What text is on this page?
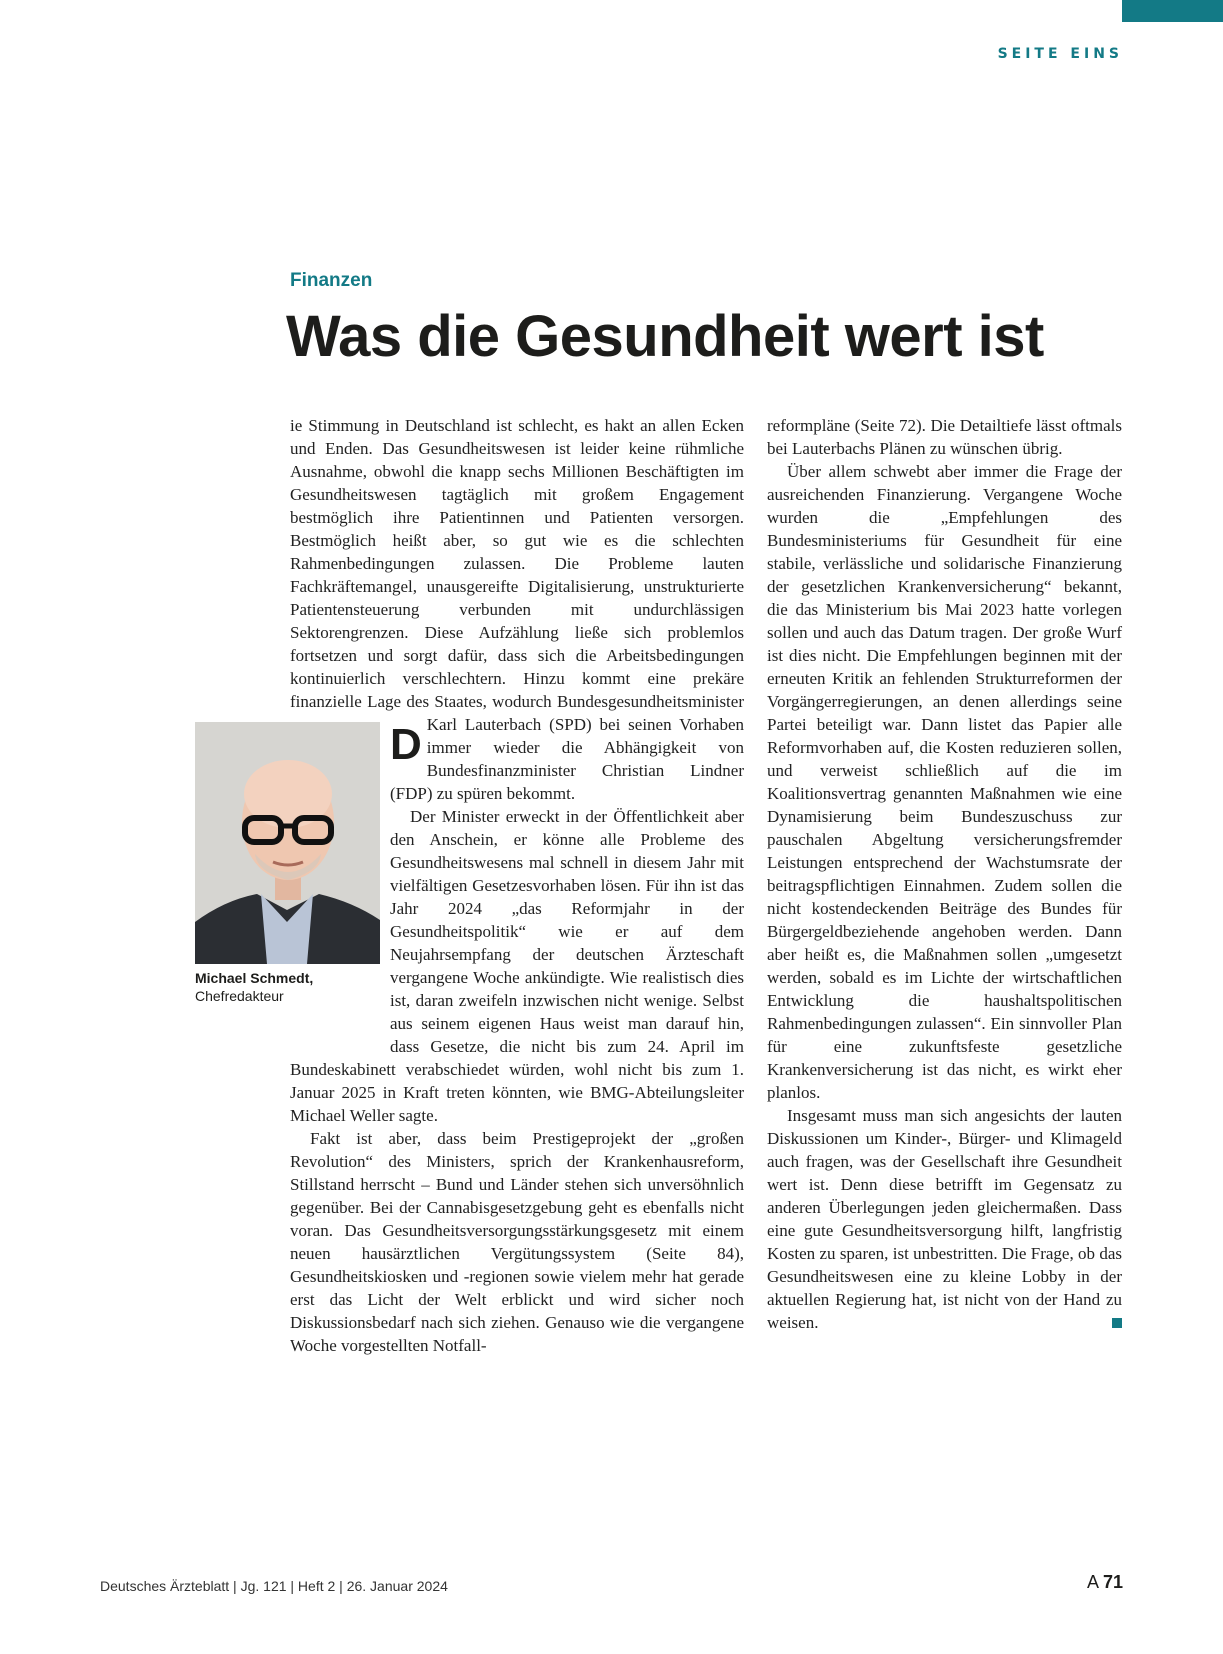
SEITE EINS
Finanzen
Was die Gesundheit wert ist

D
ie Stimmung in Deutschland ist schlecht, es hakt an allen Ecken und Enden. Das Gesundheitswesen ist leider keine rühmliche Ausnahme, obwohl die knapp sechs Millionen Beschäftigten im Gesundheitswesen tagtäglich mit großem Engagement bestmöglich ihre Patientinnen und Patienten versorgen. Bestmöglich heißt aber, so gut wie es die schlechten Rahmenbedingungen zulassen. Die Probleme lauten Fachkräftemangel, unausgereifte Digitalisierung, unstrukturierte Patientensteuerung verbunden mit undurchlässigen Sektorengrenzen. Diese Aufzählung ließe sich problemlos fortsetzen und sorgt dafür, dass sich die Arbeitsbedingungen kontinuierlich verschlechtern. Hinzu kommt eine prekäre finanzielle Lage des Staates, wodurch Bundesgesundheitsminister Karl Lauterbach (SPD) bei seinen Vorhaben immer wieder die Abhängigkeit von Bundesfinanzminister Christian Lindner (FDP) zu spüren bekommt.

Der Minister erweckt in der Öffentlichkeit aber den Anschein, er könne alle Probleme des Gesundheitswesens mal schnell in diesem Jahr mit vielfältigen Gesetzesvorhaben lösen. Für ihn ist das Jahr 2024 „das Reformjahr in der Gesundheitspolitik“ wie er auf dem Neujahrsempfang der deutschen Ärzteschaft vergangene Woche ankündigte. Wie realistisch dies ist, daran zweifeln inzwischen nicht wenige. Selbst aus seinem eigenen Haus weist man darauf hin, dass Gesetze, die nicht bis zum 24. April im Bundeskabinett verabschiedet würden, wohl nicht bis zum 1. Januar 2025 in Kraft treten könnten, wie BMG-Abteilungsleiter Michael Weller sagte.

Fakt ist aber, dass beim Prestigeprojekt der „großen Revolution“ des Ministers, sprich der Krankenhausreform, Stillstand herrscht – Bund und Länder stehen sich unversöhnlich gegenüber. Bei der Cannabisgesetzgebung geht es ebenfalls nicht voran. Das Gesundheitsversorgungsstärkungsgesetz mit einem neuen hausärztlichen Vergütungssystem (Seite 84), Gesundheitskiosken und -regionen sowie vielem mehr hat gerade erst das Licht der Welt erblickt und wird sicher noch Diskussionsbedarf nach sich ziehen. Genauso wie die vergangene Woche vorgestellten Notfall-

Michael Schmedt,
Chefredakteur

reformpläne (Seite 72). Die Detailtiefe lässt oftmals bei Lauterbachs Plänen zu wünschen übrig.

Über allem schwebt aber immer die Frage der ausreichenden Finanzierung. Vergangene Woche wurden die „Empfehlungen des Bundesministeriums für Gesundheit für eine stabile, verlässliche und solidarische Finanzierung der gesetzlichen Krankenversicherung“ bekannt, die das Ministerium bis Mai 2023 hatte vorlegen sollen und auch das Datum tragen. Der große Wurf ist dies nicht. Die Empfehlungen beginnen mit der erneuten Kritik an fehlenden Strukturreformen der Vorgängerregierungen, an denen allerdings seine Partei beteiligt war. Dann listet das Papier alle Reformvorhaben auf, die Kosten reduzieren sollen, und verweist schließlich auf die im Koalitionsvertrag genannten Maßnahmen wie eine Dynamisierung beim Bundeszuschuss zur pauschalen Abgeltung versicherungsfremder Leistungen entsprechend der Wachstumsrate der beitragspflichtigen Einnahmen. Zudem sollen die nicht kostendeckenden Beiträge des Bundes für Bürgergeldbeziehende angehoben werden. Dann aber heißt es, die Maßnahmen sollen „umgesetzt werden, sobald es im Lichte der wirtschaftlichen Entwicklung die haushaltspolitischen Rahmenbedingungen zulassen“. Ein sinnvoller Plan für eine zukunftsfeste gesetzliche Krankenversicherung ist das nicht, es wirkt eher planlos.

Insgesamt muss man sich angesichts der lauten Diskussionen um Kinder-, Bürger- und Klimageld auch fragen, was der Gesellschaft ihre Gesundheit wert ist. Denn diese betrifft im Gegensatz zu anderen Überlegungen jeden gleichermaßen. Dass eine gute Gesundheitsversorgung hilft, langfristig Kosten zu sparen, ist unbestritten. Die Frage, ob das Gesundheitswesen eine zu kleine Lobby in der aktuellen Regierung hat, ist nicht von der Hand zu weisen.

Deutsches Ärzteblatt | Jg. 121 | Heft 2 | 26. Januar 2024	A 71
